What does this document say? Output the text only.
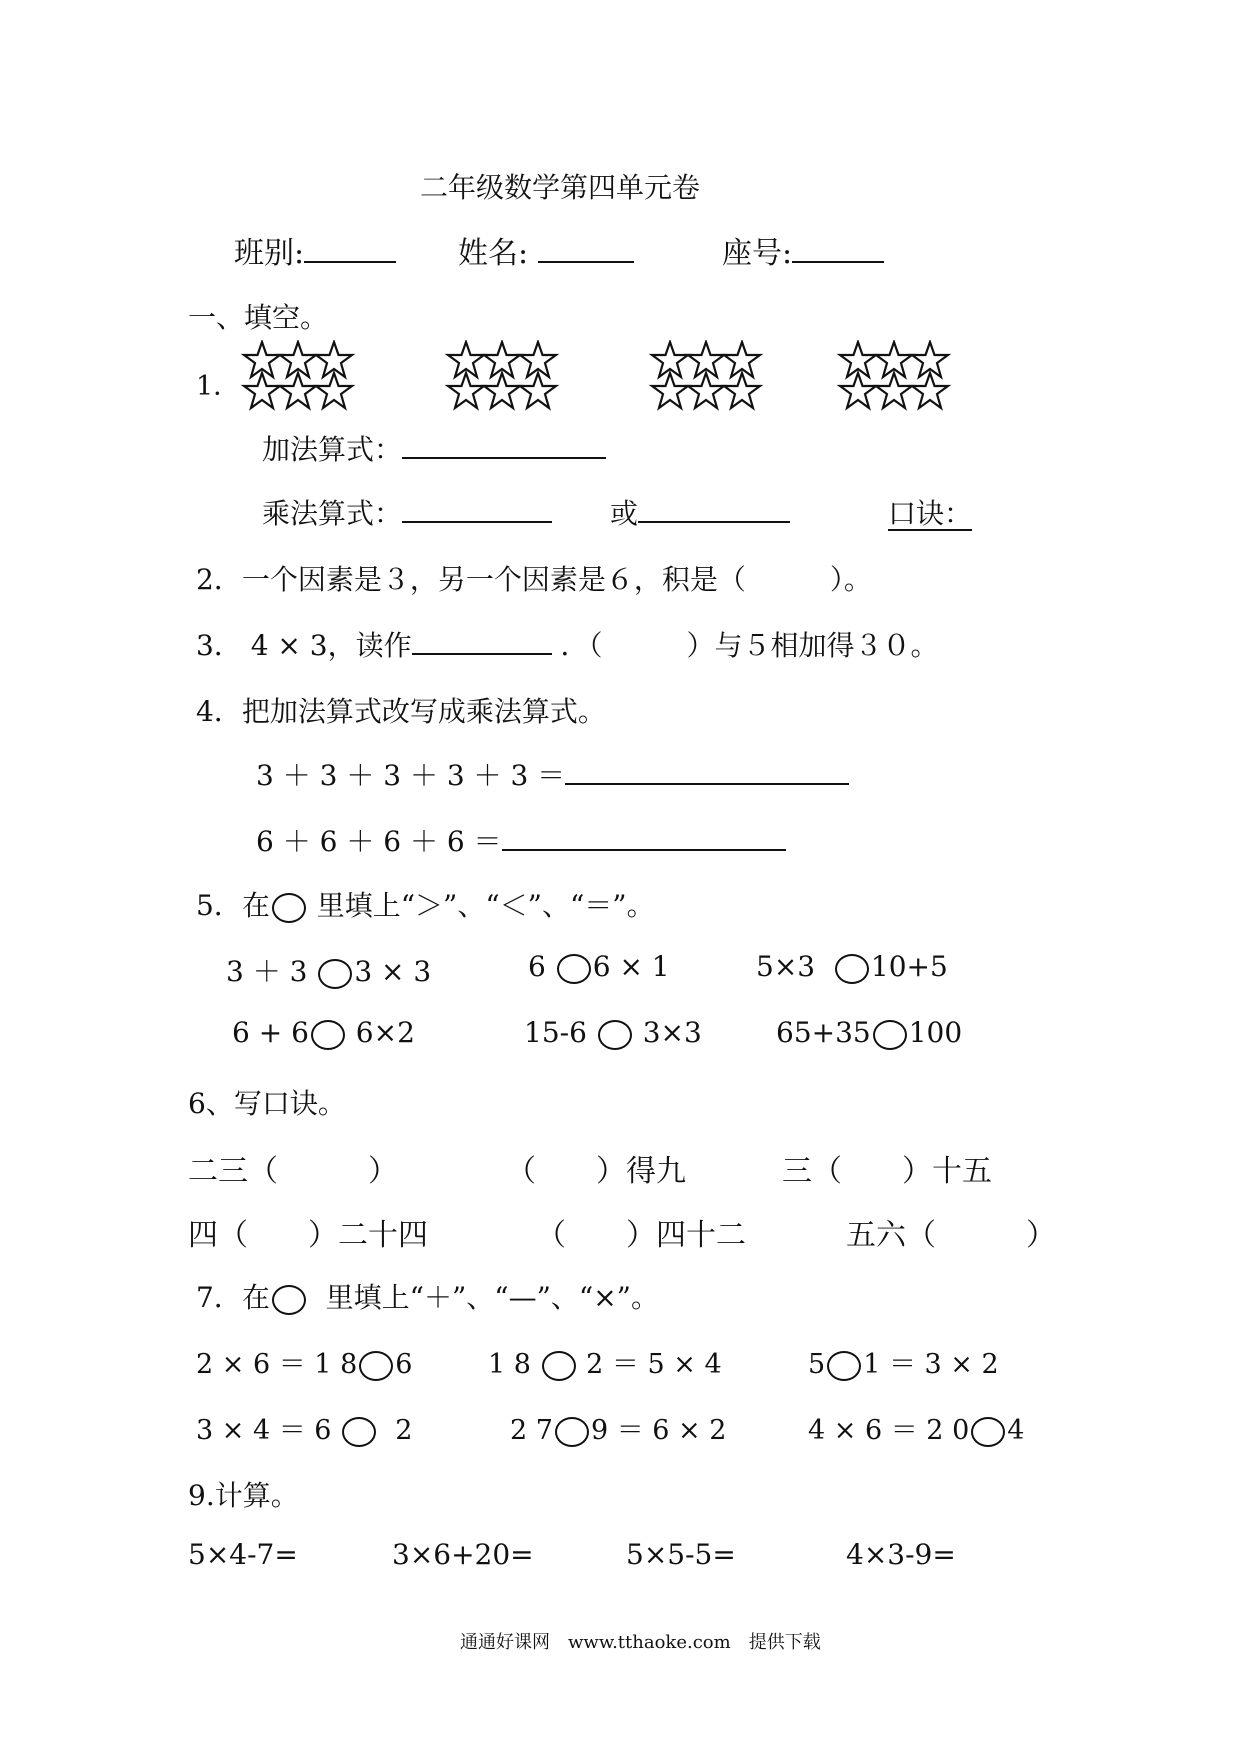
二年级数学第四单元卷
班别:	姓名:	座号:
一、填空。
1．
加法算式：
乘法算式：	或	口诀：
2．一个因素是３，另一个因素是６，积是（　　　）。
3． 4 × 3，读作	．（　　　）与５相加得３０。
4．把加法算式改写成乘法算式。
3 ＋ 3 ＋ 3 ＋ 3 ＋ 3 ＝
6 ＋ 6 ＋ 6 ＋ 6 ＝
5．在 里填上“＞”、“＜”、“＝”。
3 ＋ 3 3 × 3	6 6 × 1	5×3 10+5
6 + 6 6×2	15-6 3×3	65+35 100
6、写口诀。
二三（　　　）	（　　）得九	三（　　）十五
四（　　）二十四	（　　）四十二	五六（　　　）
7．在 里填上“＋”、“—”、“×”。
2 × 6 ＝ 1 8 6	1 8 2 ＝ 5 × 4	5 1 ＝ 3 × 2
3 × 4 ＝ 6 2	2 7 9 ＝ 6 × 2	4 × 6 ＝ 2 0 4
9.计算。
5×4-7=	3×6+20=	5×5-5=	4×3-9=
通通好课网　www.tthaoke.com　提供下载
